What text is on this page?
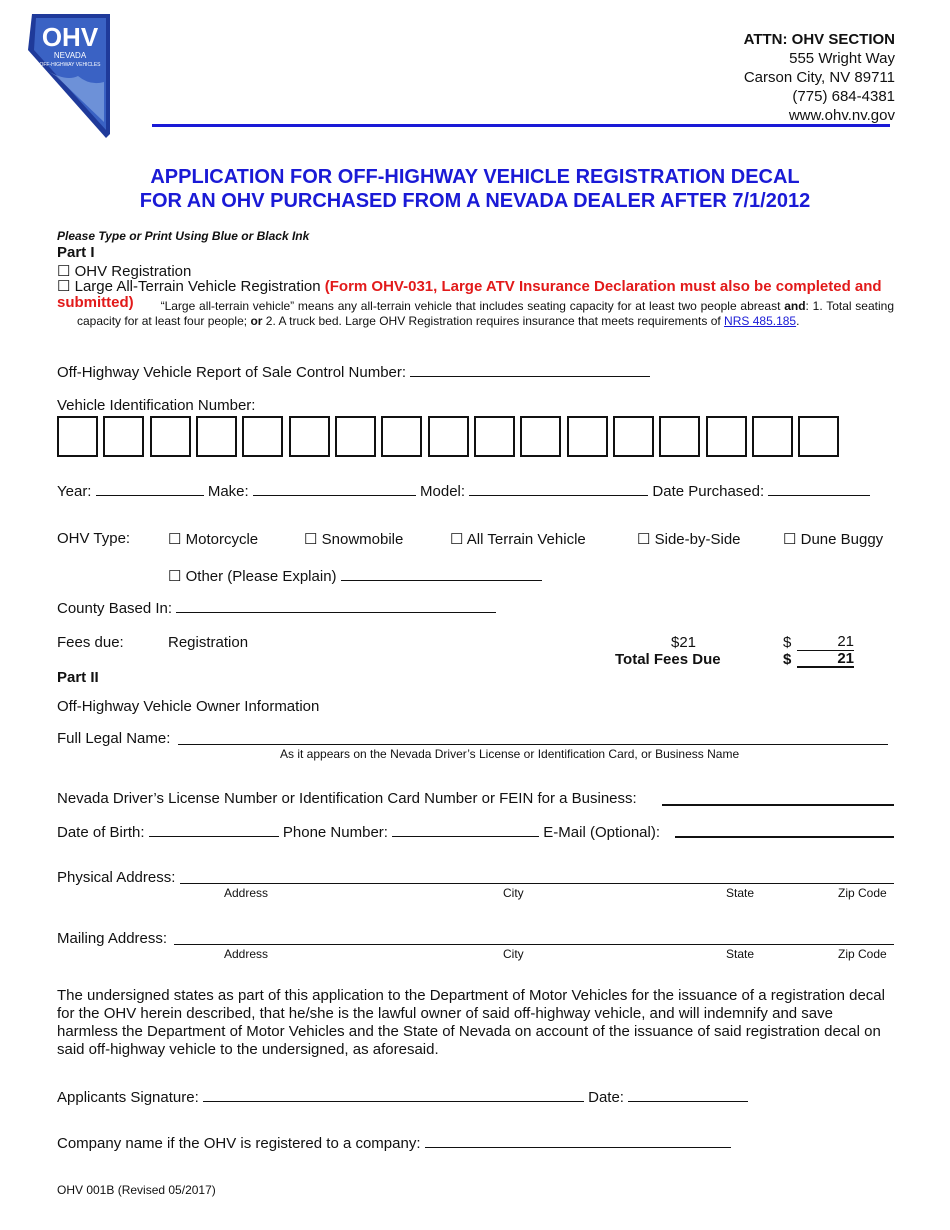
OHV
NEVADA
OFF-HIGHWAY VEHICLES
ATTN: OHV SECTION
555 Wright Way
Carson City, NV 89711
(775) 684-4381
www.ohv.nv.gov
APPLICATION FOR OFF-HIGHWAY VEHICLE REGISTRATION DECAL
FOR AN OHV PURCHASED FROM A NEVADA DEALER AFTER 7/1/2012
Please Type or Print Using Blue or Black Ink
Part I
☐ OHV Registration
☐ Large All-Terrain Vehicle Registration (Form OHV-031, Large ATV Insurance Declaration must also be completed and submitted)	“Large all-terrain vehicle” means any all-terrain vehicle that includes seating capacity for at least two people abreast and: 1. Total seating capacity for at least four people; or 2. A truck bed. Large OHV Registration requires insurance that meets requirements of NRS 485.185.
Off-Highway Vehicle Report of Sale Control Number:
Vehicle Identification Number:
Year:	Make:	Model:	Date Purchased:
OHV Type:	☐ Motorcycle	☐ Snowmobile	☐ All Terrain Vehicle	☐ Side-by-Side	☐ Dune Buggy
☐ Other (Please Explain)
County Based In:
Fees due:	Registration	$21	$	21
Total Fees Due	$	21
Part II
Off-Highway Vehicle Owner Information
Full Legal Name:
As it appears on the Nevada Driver’s License or Identification Card, or Business Name
Nevada Driver’s License Number or Identification Card Number or FEIN for a Business:
Date of Birth:	Phone Number:	E-Mail (Optional):
Physical Address:
Address	City	State	Zip Code
Mailing Address:
Address	City	State	Zip Code
The undersigned states as part of this application to the Department of Motor Vehicles for the issuance of a registration decal for the OHV herein described, that he/she is the lawful owner of said off-highway vehicle, and will indemnify and save harmless the Department of Motor Vehicles and the State of Nevada on account of the issuance of said registration decal on said off-highway vehicle to the undersigned, as aforesaid.
Applicants Signature:	Date:
Company name if the OHV is registered to a company:
OHV 001B (Revised 05/2017)
